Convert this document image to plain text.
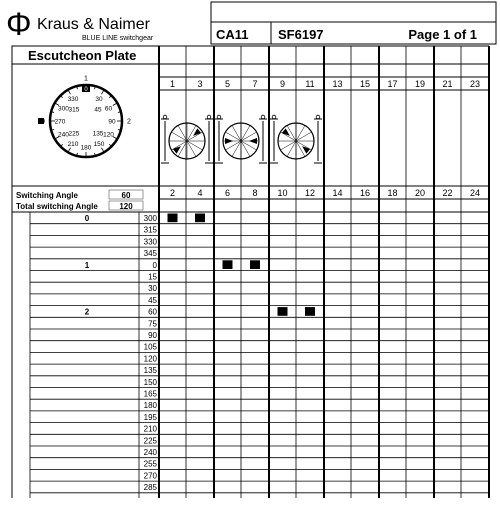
Φ Kraus & Naimer
BLUE LINE switchgear	CA11 SF6197	Page 1 of 1
Escutcheon Plate
330
300
270
240
210 180 150
120
90
60
30
315 45
225 135
1
2
0
1 3 5 7 9 11 13 15 17 19 21 23
2 4 6 8 10 12 14 16 18 20 22 24
Switching Angle	60
Total switching Angle	120
0	300
315
330
345
1	0
15
30
45
2	60
75
90
105
120
135
150
165
180
195
210
225
240
255
270
285
